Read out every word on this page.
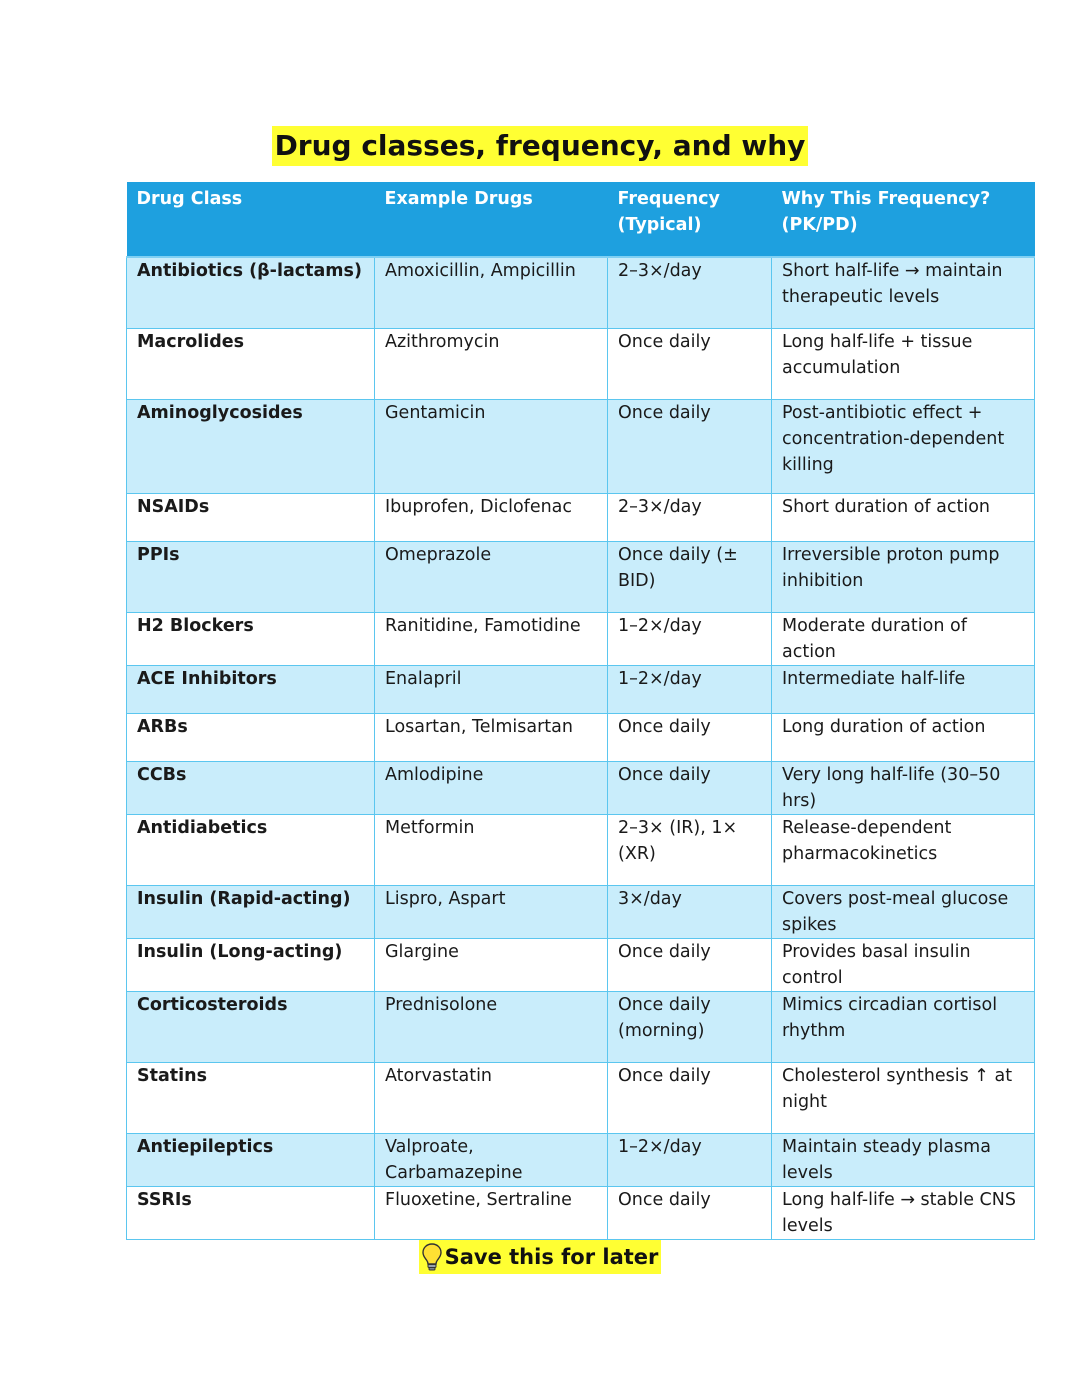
Drug classes, frequency, and why
Drug Class	Example Drugs	Frequency (Typical)	Why This Frequency? (PK/PD)
Antibiotics (β-lactams)	Amoxicillin, Ampicillin	2–3×/day	Short half-life → maintain therapeutic levels
Macrolides	Azithromycin	Once daily	Long half-life + tissue accumulation
Aminoglycosides	Gentamicin	Once daily	Post-antibiotic effect + concentration-dependent killing
NSAIDs	Ibuprofen, Diclofenac	2–3×/day	Short duration of action
PPIs	Omeprazole	Once daily (± BID)	Irreversible proton pump inhibition
H2 Blockers	Ranitidine, Famotidine	1–2×/day	Moderate duration of action
ACE Inhibitors	Enalapril	1–2×/day	Intermediate half-life
ARBs	Losartan, Telmisartan	Once daily	Long duration of action
CCBs	Amlodipine	Once daily	Very long half-life (30–50 hrs)
Antidiabetics	Metformin	2–3× (IR), 1× (XR)	Release-dependent pharmacokinetics
Insulin (Rapid-acting)	Lispro, Aspart	3×/day	Covers post-meal glucose spikes
Insulin (Long-acting)	Glargine	Once daily	Provides basal insulin control
Corticosteroids	Prednisolone	Once daily (morning)	Mimics circadian cortisol rhythm
Statins	Atorvastatin	Once daily	Cholesterol synthesis ↑ at night
Antiepileptics	Valproate, Carbamazepine	1–2×/day	Maintain steady plasma levels
SSRIs	Fluoxetine, Sertraline	Once daily	Long half-life → stable CNS levels
Save this for later
